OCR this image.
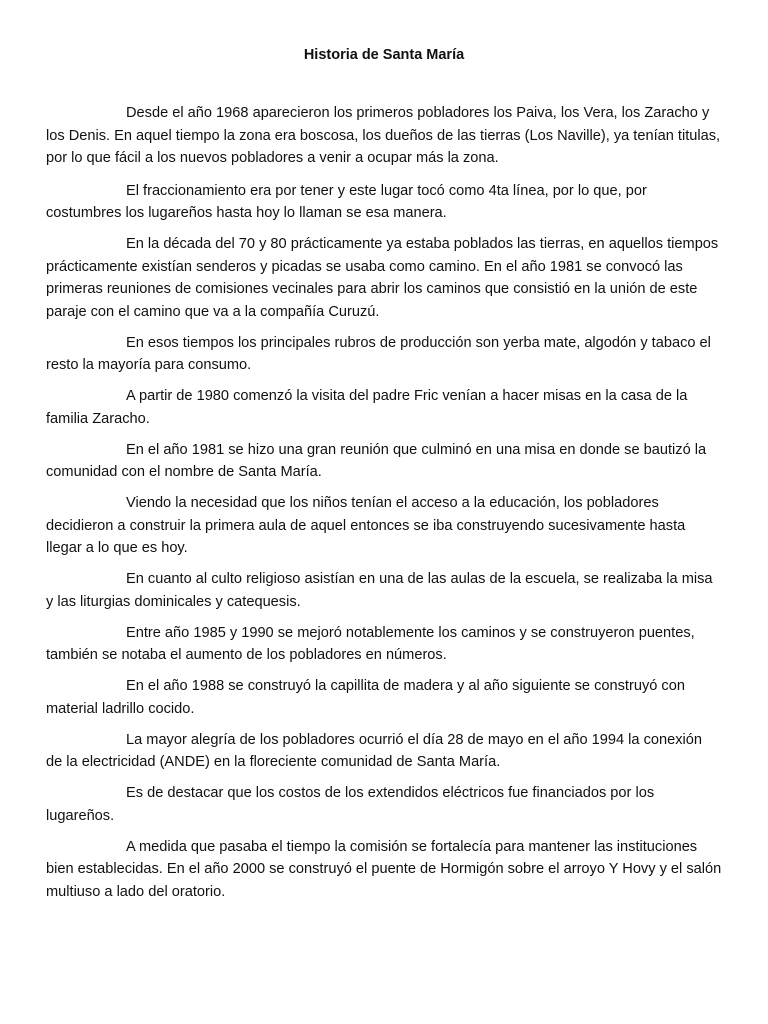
Historia de Santa María

Desde el año 1968 aparecieron los primeros pobladores los Paiva, los Vera, los Zaracho y los Denis. En aquel tiempo la zona era boscosa, los dueños de las tierras (Los Naville), ya tenían titulas, por lo que fácil a los nuevos pobladores a venir a ocupar más la zona.

El fraccionamiento era por tener y este lugar tocó como 4ta línea, por lo que, por costumbres los lugareños hasta hoy lo llaman se esa manera.

En la década del 70 y 80 prácticamente ya estaba poblados las tierras, en aquellos tiempos prácticamente existían senderos y picadas se usaba como camino. En el año 1981 se convocó las primeras reuniones de comisiones vecinales para abrir los caminos que consistió en la unión de este paraje con el camino que va a la compañía Curuzú.

En esos tiempos los principales rubros de producción son yerba mate, algodón y tabaco el resto la mayoría para consumo.

A partir de 1980 comenzó la visita del padre Fric venían a hacer misas en la casa de la familia Zaracho.

En el año 1981 se hizo una gran reunión que culminó en una misa en donde se bautizó la comunidad con el nombre de Santa María.

Viendo la necesidad que los niños tenían el acceso a la educación, los pobladores decidieron a construir la primera aula de aquel entonces se iba construyendo sucesivamente hasta llegar a lo que es hoy.

En cuanto al culto religioso asistían en una de las aulas de la escuela, se realizaba la misa y las liturgias dominicales y catequesis.

Entre año 1985 y 1990 se mejoró notablemente los caminos y se construyeron puentes, también se notaba el aumento de los pobladores en números.

En el año 1988 se construyó la capillita de madera y al año siguiente se construyó con material ladrillo cocido.

La mayor alegría de los pobladores ocurrió el día 28 de mayo en el año 1994 la conexión de la electricidad (ANDE) en la floreciente comunidad de Santa María.

Es de destacar que los costos de los extendidos eléctricos fue financiados por los lugareños.

A medida que pasaba el tiempo la comisión se fortalecía para mantener las instituciones bien establecidas. En el año 2000 se construyó el puente de Hormigón sobre el arroyo Y Hovy y el salón multiuso a lado del oratorio.
